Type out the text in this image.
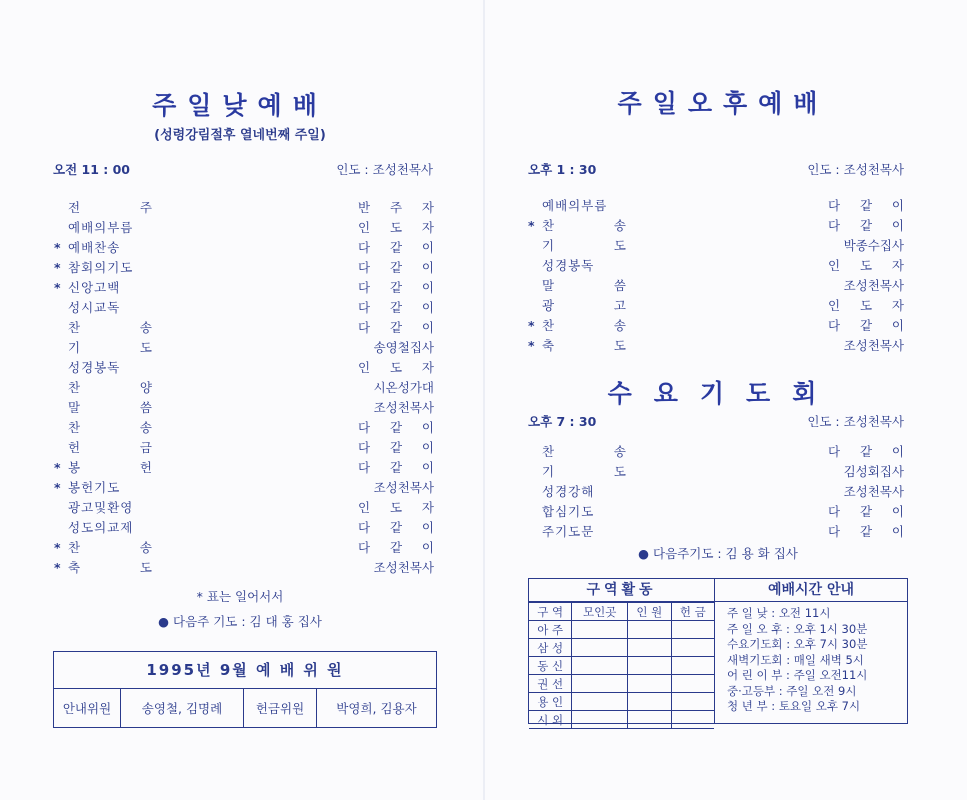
주일낮예배
(성령강림절후 열네번째 주일)
오전 11 : 00	인도 : 조성천목사
전	주	반 주 자
예배의부름	인 도 자
* 예배찬송	다 같 이
* 참회의기도	다 같 이
* 신앙고백	다 같 이
성시교독	다 같 이
찬	송	다 같 이
기	도	송영철집사
성경봉독	인 도 자
찬	양	시온성가대
말	씀	조성천목사
찬	송	다 같 이
헌	금	다 같 이
* 봉	헌	다 같 이
* 봉헌기도	조성천목사
광고및환영	인 도 자
성도의교제	다 같 이
* 찬	송	다 같 이
* 축	도	조성천목사
* 표는 일어서서
● 다음주 기도 : 김 대 홍 집사
1995년 9월 예 배 위 원
안내위원	송영철, 김명례	헌금위원	박영희, 김용자
주일오후예배
오후 1 : 30	인도 : 조성천목사
예배의부름	다 같 이
* 찬	송	다 같 이
기	도	박종수집사
성경봉독	인 도 자
말	씀	조성천목사
광	고	인 도 자
* 찬	송	다 같 이
* 축	도	조성천목사
수요기도회
오후 7 : 30	인도 : 조성천목사
찬	송	다 같 이
기	도	김성회집사
성경강해	조성천목사
합심기도	다 같 이
주기도문	다 같 이
● 다음주기도 : 김 용 화 집사
구역활동
구 역	모인곳	인 원	헌 금
아 주			
삼 성			
동 신			
권 선			
용 인			
시 외			
예배시간 안내
주 일 낮 : 오전 11시
주 일 오 후 : 오후 1시 30분
수요기도회 : 오후 7시 30분
새벽기도회 : 매일 새벽 5시
어 린 이 부 : 주일 오전11시
중·고등부 : 주일 오전 9시
청 년 부 : 토요일 오후 7시
